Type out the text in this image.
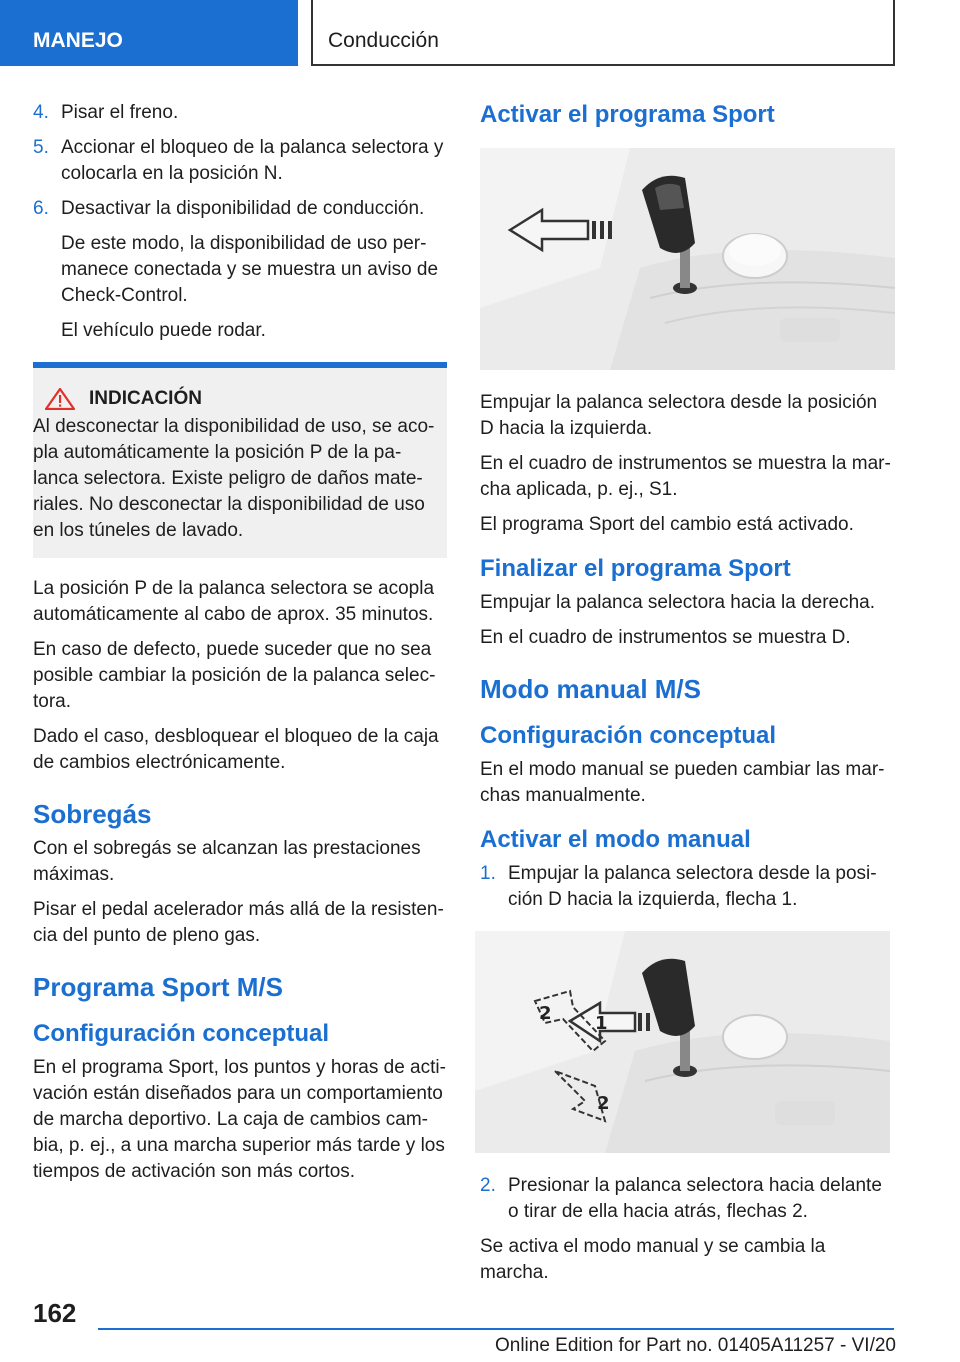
MANEJO	Conducción
4. Pisar el freno.
5. Accionar el bloqueo de la palanca selectora y colocarla en la posición N.
6. Desactivar la disponibilidad de conducción.

De este modo, la disponibilidad de uso permanece conectada y se muestra un aviso de Check-Control.

El vehículo puede rodar.

INDICACIÓN

Al desconectar la disponibilidad de uso, se acopla automáticamente la posición P de la palanca selectora. Existe peligro de daños materiales. No desconectar la disponibilidad de uso en los túneles de lavado.

La posición P de la palanca selectora se acopla automáticamente al cabo de aprox. 35 minutos.

En caso de defecto, puede suceder que no sea posible cambiar la posición de la palanca selectora.

Dado el caso, desbloquear el bloqueo de la caja de cambios electrónicamente.

Sobregás

Con el sobregás se alcanzan las prestaciones máximas.

Pisar el pedal acelerador más allá de la resistencia del punto de pleno gas.

Programa Sport M/S
Configuración conceptual

En el programa Sport, los puntos y horas de activación están diseñados para un comportamiento de marcha deportivo. La caja de cambios cambia, p. ej., a una marcha superior más tarde y los tiempos de activación son más cortos.

Activar el programa Sport

Empujar la palanca selectora desde la posición D hacia la izquierda.

En el cuadro de instrumentos se muestra la marcha aplicada, p. ej., S1.

El programa Sport del cambio está activado.

Finalizar el programa Sport

Empujar la palanca selectora hacia la derecha.

En el cuadro de instrumentos se muestra D.

Modo manual M/S
Configuración conceptual

En el modo manual se pueden cambiar las marchas manualmente.

Activar el modo manual
1. Empujar la palanca selectora desde la posición D hacia la izquierda, flecha 1.
1
2
2
2. Presionar la palanca selectora hacia delante o tirar de ella hacia atrás, flechas 2.

Se activa el modo manual y se cambia la marcha.

162
Online Edition for Part no. 01405A11257 - VI/20
